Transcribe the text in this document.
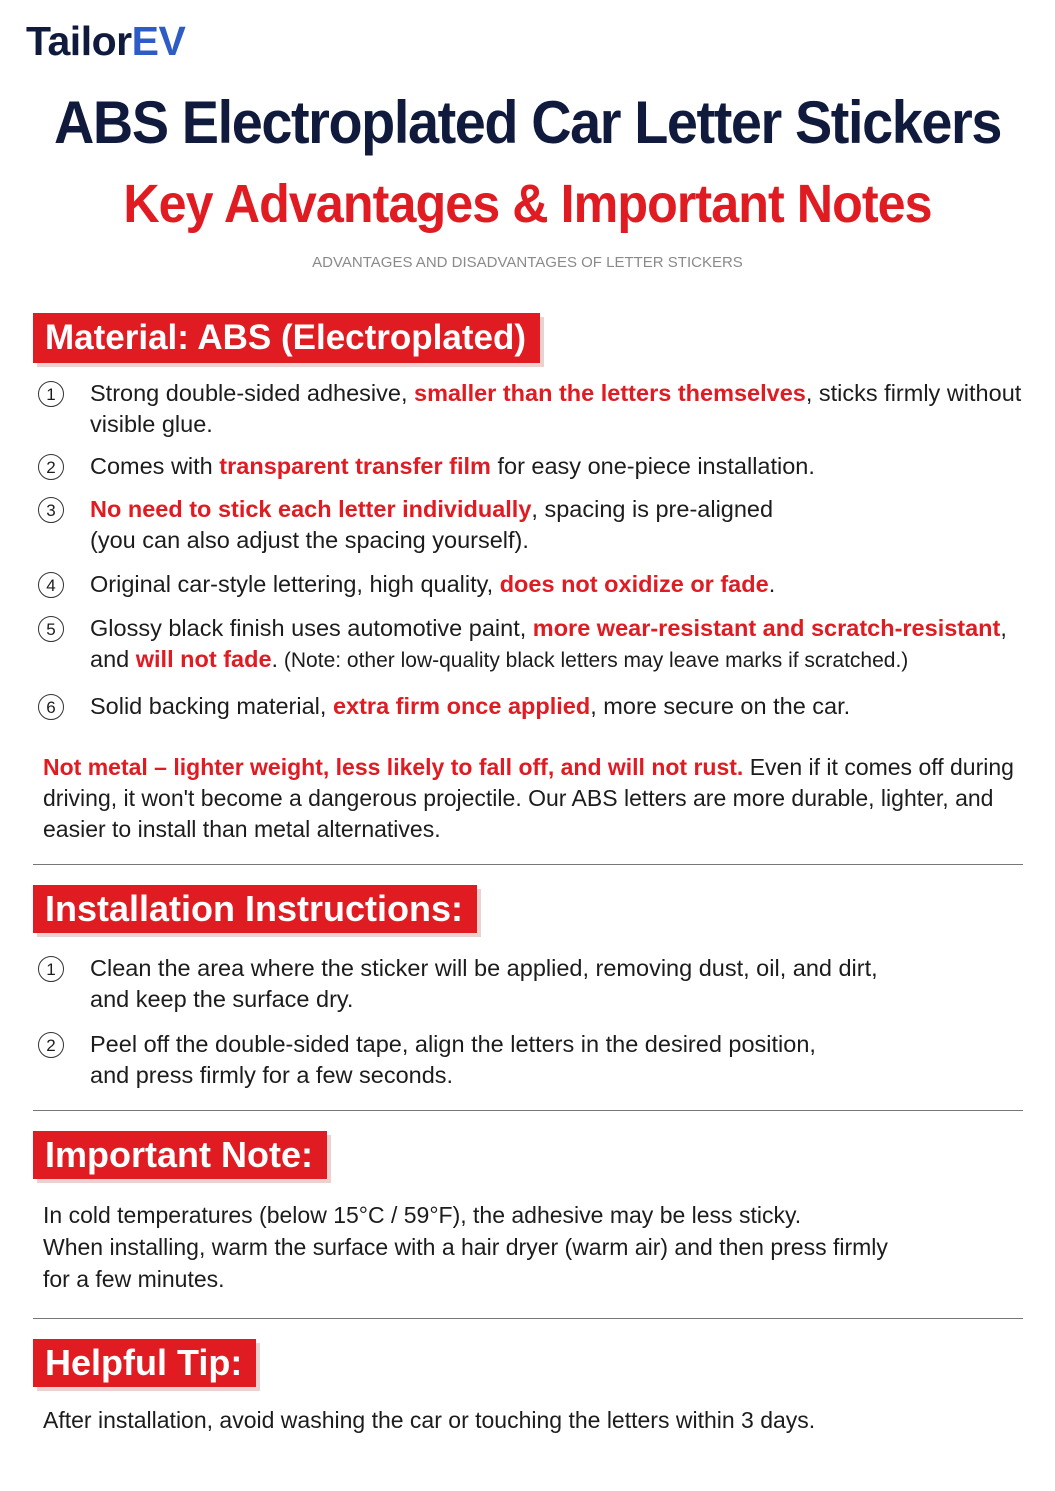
TailorEV
ABS Electroplated Car Letter Stickers
Key Advantages & Important Notes
ADVANTAGES AND DISADVANTAGES OF LETTER STICKERS
Material: ABS (Electroplated)
1	Strong double-sided adhesive, smaller than the letters themselves, sticks firmly without visible glue.
2	Comes with transparent transfer film for easy one-piece installation.
3	No need to stick each letter individually, spacing is pre-aligned
(you can also adjust the spacing yourself).
4	Original car-style lettering, high quality, does not oxidize or fade.
5	Glossy black finish uses automotive paint, more wear-resistant and scratch-resistant,
and will not fade. (Note: other low-quality black letters may leave marks if scratched.)
6	Solid backing material, extra firm once applied, more secure on the car.
Not metal – lighter weight, less likely to fall off, and will not rust. Even if it comes off during driving, it won't become a dangerous projectile. Our ABS letters are more durable, lighter, and easier to install than metal alternatives.
Installation Instructions:
1	Clean the area where the sticker will be applied, removing dust, oil, and dirt,
and keep the surface dry.
2	Peel off the double-sided tape, align the letters in the desired position,
and press firmly for a few seconds.
Important Note:
In cold temperatures (below 15°C / 59°F), the adhesive may be less sticky.
When installing, warm the surface with a hair dryer (warm air) and then press firmly
for a few minutes.
Helpful Tip:
After installation, avoid washing the car or touching the letters within 3 days.
